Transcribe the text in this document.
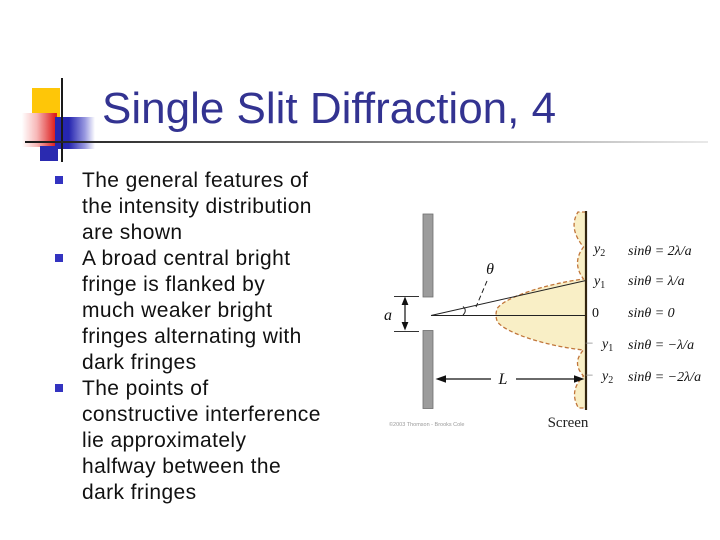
Single Slit Diffraction, 4
The general features of
the intensity distribution
are shown
A broad central bright
fringe is flanked by
much weaker bright
fringes alternating with
dark fringes
The points of
constructive interference
lie approximately
halfway between the
dark fringes
a
θ
L
Screen
$y_2$
$y_1$
0
− $y_1$
− $y_2$
sinθ = 2λ/a
sinθ = λ/a
sinθ = 0
sinθ = −λ/a
sinθ = −2λ/a
©2003 Thomson - Brooks Cole
